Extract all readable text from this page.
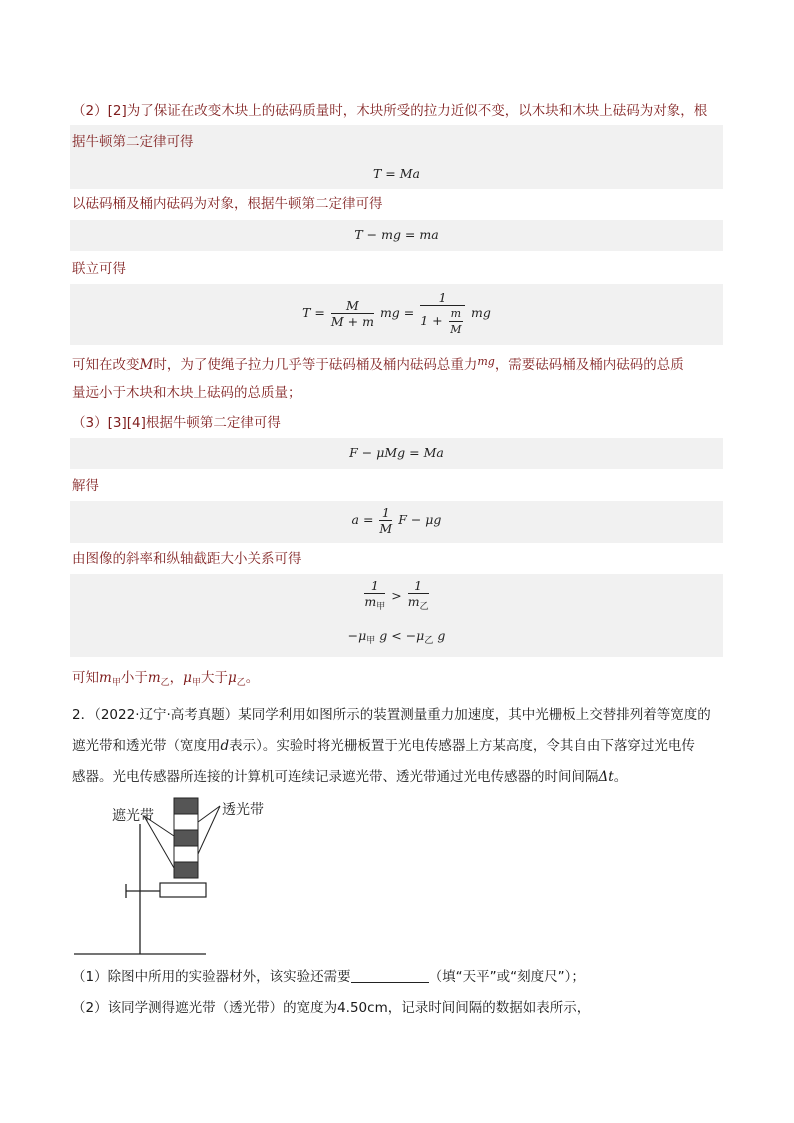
（2）[2]为了保证在改变木块上的砝码质量时，木块所受的拉力近似不变，以木块和木块上砝码为对象，根
据牛顿第二定律可得
T = Ma
以砝码桶及桶内砝码为对象，根据牛顿第二定律可得
T − mg = ma
联立可得
$T = \frac{M}{M + m}$ mg = $\frac{1}{1 + \frac{m}{M}}$ mg
可知在改变M时，为了使绳子拉力几乎等于砝码桶及桶内砝码总重力$^{mg}$，需要砝码桶及桶内砝码的总质
量远小于木块和木块上砝码的总质量；
（3）[3][4]根据牛顿第二定律可得
F − μMg = Ma
解得
$a = \frac{1}{M}$ F − μg
由图像的斜率和纵轴截距大小关系可得
$\frac{1}{m_甲} > \frac{1}{m_乙}$
$-\mu_甲$ $g < -\mu_乙$ g
可知$m_甲$小于$m_乙$，$\mu_甲$大于$\mu_乙$。
2．（2022·辽宁·高考真题）某同学利用如图所示的装置测量重力加速度，其中光栅板上交替排列着等宽度的
遮光带和透光带（宽度用d表示）。实验时将光栅板置于光电传感器上方某高度，令其自由下落穿过光电传
感器。光电传感器所连接的计算机可连续记录遮光带、透光带通过光电传感器的时间间隔Δt。
遮光带	透光带
（1）除图中所用的实验器材外，该实验还需要	（填“天平”或“刻度尺”）；
（2）该同学测得遮光带（透光带）的宽度为4.50cm，记录时间间隔的数据如表所示，
